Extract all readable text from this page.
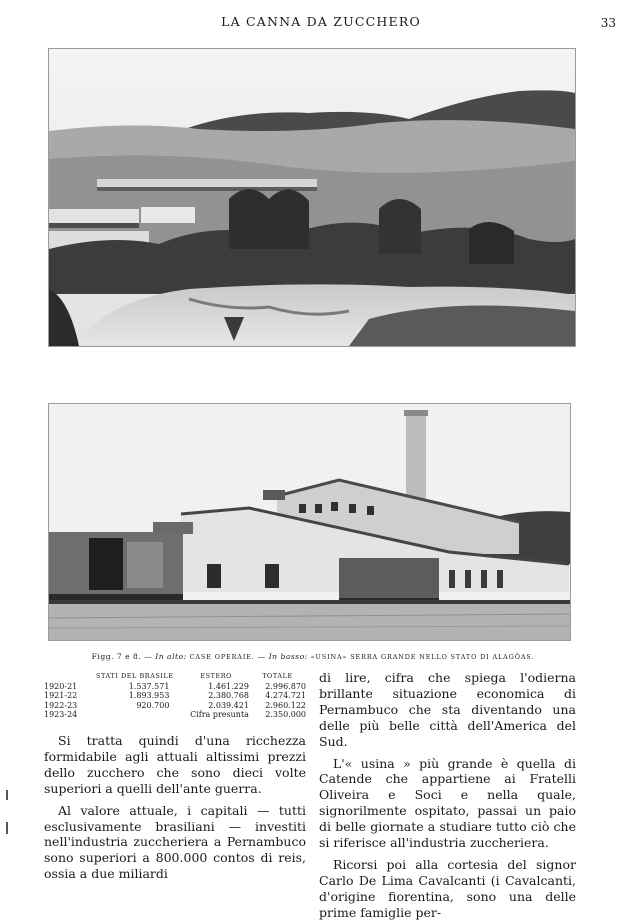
LA CANNA DA ZUCCHERO	33
Figg. 7 e 8. — In alto: CASE OPERAIE. — In basso: «USINA» SERRA GRANDE NELLO STATO DI ALAGÔAS.
	STATI DEL BRASILE	ESTERO	TOTALE
1920-21	1.537.571	1.461.229	2.996.870
1921-22	1.893.953	2.380.768	4.274.721
1922-23	920.700	2.039.421	2.960.122
1923-24		Cifra presunta	2.350.000

Si tratta quindi d'una ricchezza formidabile agli attuali altissimi prezzi dello zucchero che sono dieci volte superiori a quelli dell'ante guerra.

Al valore attuale, i capitali — tutti esclusivamente brasiliani — investiti nell'industria zuccheriera a Pernambuco sono superiori a 800.000 contos di reis, ossia a due miliardi

di lire, cifra che spiega l'odierna brillante situazione economica di Pernambuco che sta diventando una delle più belle città dell'America del Sud.

L'« usina » più grande è quella di Catende che appartiene ai Fratelli Oliveira e Soci e nella quale, signorilmente ospitato, passai un paio di belle giornate a studiare tutto ciò che si riferisce all'industria zuccheriera.

Ricorsi poi alla cortesia del signor Carlo De Lima Cavalcanti (i Cavalcanti, d'origine fiorentina, sono una delle prime famiglie per-
